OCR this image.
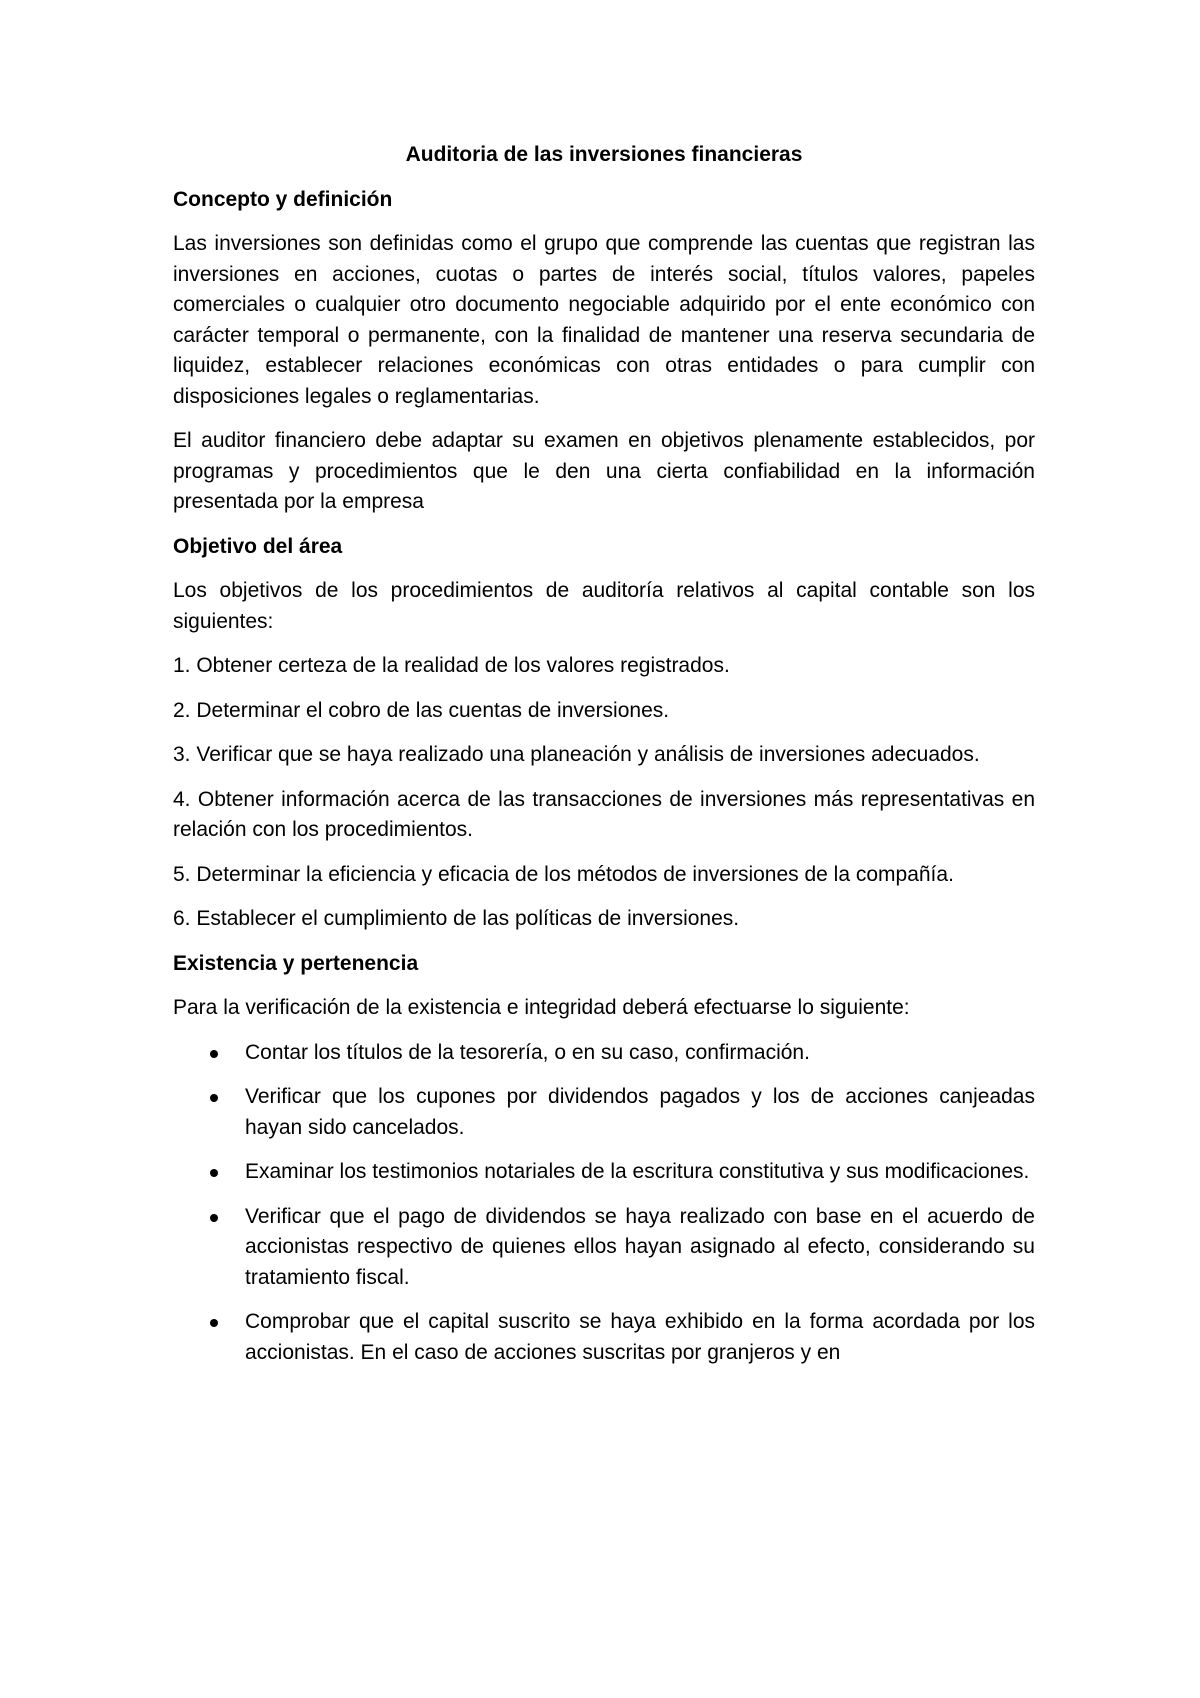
Auditoria de las inversiones financieras
Concepto y definición
Las inversiones son definidas como el grupo que comprende las cuentas que registran las inversiones en acciones, cuotas o partes de interés social, títulos valores, papeles comerciales o cualquier otro documento negociable adquirido por el ente económico con carácter temporal o permanente, con la finalidad de mantener una reserva secundaria de liquidez, establecer relaciones económicas con otras entidades o para cumplir con disposiciones legales o reglamentarias.
El auditor financiero debe adaptar su examen en objetivos plenamente establecidos, por programas y procedimientos que le den una cierta confiabilidad en la información presentada por la empresa
Objetivo del área
Los objetivos de los procedimientos de auditoría relativos al capital contable son los siguientes:
1. Obtener certeza de la realidad de los valores registrados.
2. Determinar el cobro de las cuentas de inversiones.
3. Verificar que se haya realizado una planeación y análisis de inversiones adecuados.
4. Obtener información acerca de las transacciones de inversiones más representativas en relación con los procedimientos.
5. Determinar la eficiencia y eficacia de los métodos de inversiones de la compañía.
6. Establecer el cumplimiento de las políticas de inversiones.
Existencia y pertenencia
Para la verificación de la existencia e integridad deberá efectuarse lo siguiente:
Contar los títulos de la tesorería, o en su caso, confirmación.
Verificar que los cupones por dividendos pagados y los de acciones canjeadas hayan sido cancelados.
Examinar los testimonios notariales de la escritura constitutiva y sus modificaciones.
Verificar que el pago de dividendos se haya realizado con base en el acuerdo de accionistas respectivo de quienes ellos hayan asignado al efecto, considerando su tratamiento fiscal.
Comprobar que el capital suscrito se haya exhibido en la forma acordada por los accionistas. En el caso de acciones suscritas por granjeros y en
